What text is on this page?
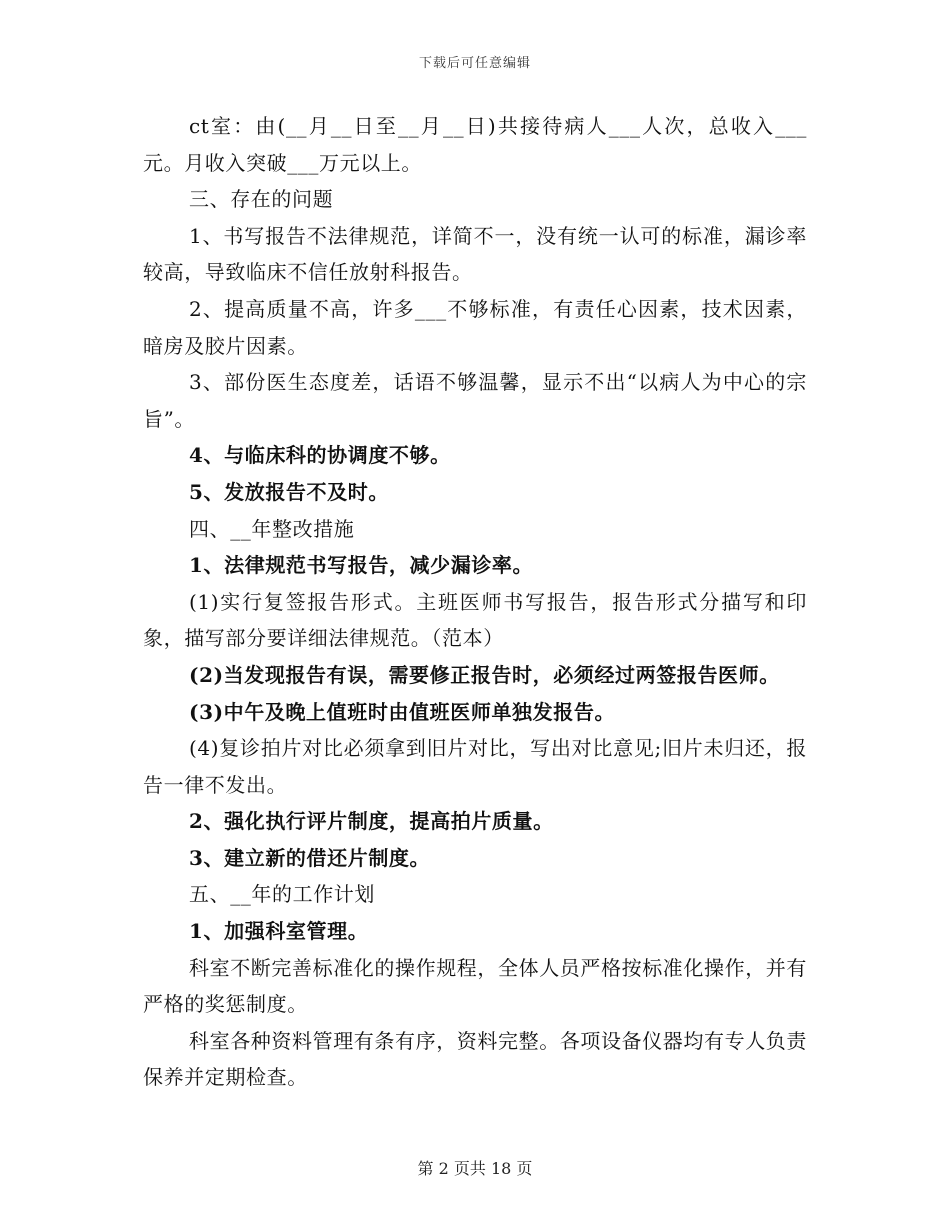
下载后可任意编辑

ct室：由(__月__日至__月__日)共接待病人___人次，总收入___元。月收入突破___万元以上。

三、存在的问题

1、书写报告不法律规范，详简不一，没有统一认可的标准，漏诊率较高，导致临床不信任放射科报告。

2、提高质量不高，许多___不够标准，有责任心因素，技术因素，暗房及胶片因素。

3、部份医生态度差，话语不够温馨，显示不出“以病人为中心的宗旨”。

4、与临床科的协调度不够。

5、发放报告不及时。

四、__年整改措施

1、法律规范书写报告，减少漏诊率。

(1)实行复签报告形式。主班医师书写报告，报告形式分描写和印象，描写部分要详细法律规范。（范本）

(2)当发现报告有误，需要修正报告时，必须经过两签报告医师。

(3)中午及晚上值班时由值班医师单独发报告。

(4)复诊拍片对比必须拿到旧片对比，写出对比意见;旧片未归还，报告一律不发出。

2、强化执行评片制度，提高拍片质量。

3、建立新的借还片制度。

五、__年的工作计划

1、加强科室管理。

科室不断完善标准化的操作规程，全体人员严格按标准化操作，并有严格的奖惩制度。

科室各种资料管理有条有序，资料完整。各项设备仪器均有专人负责保养并定期检查。

第 2 页共 18 页
